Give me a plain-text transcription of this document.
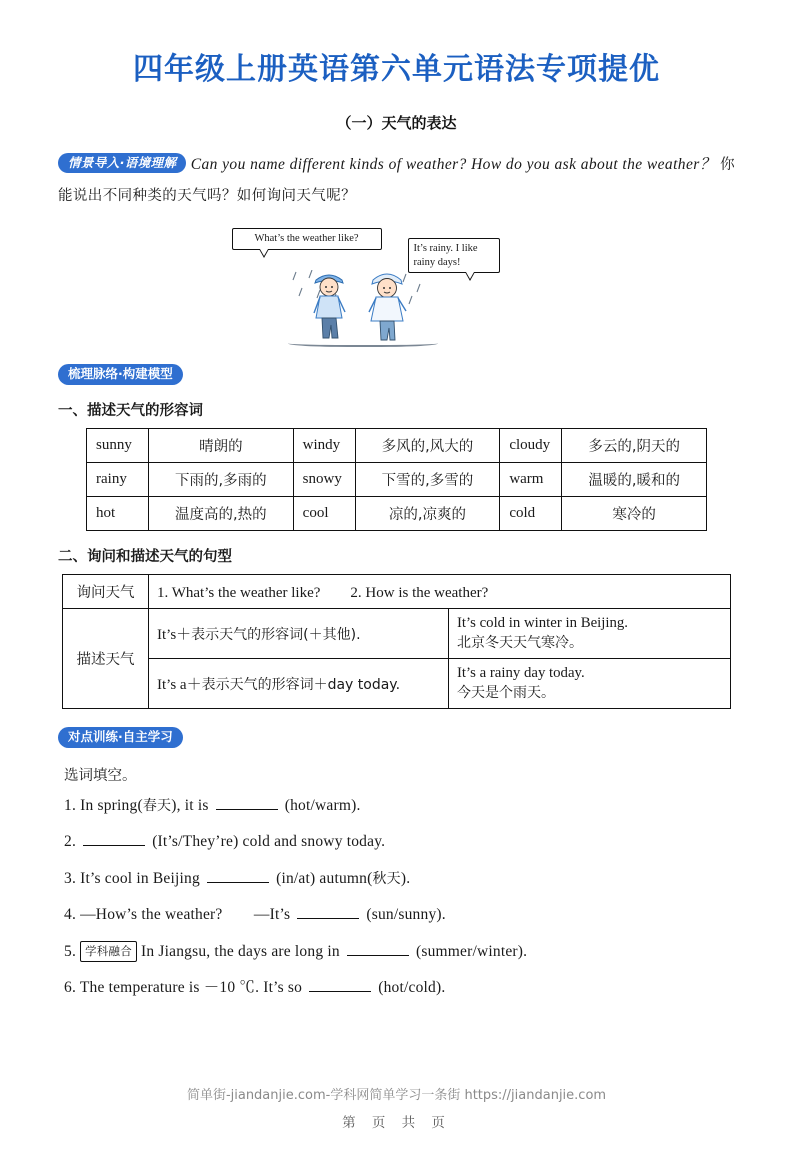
四年级上册英语第六单元语法专项提优
（一）天气的表达

情景导入·语境理解 Can you name different kinds of weather? How do you ask about the weather？ 你能说出不同种类的天气吗？如何询问天气呢？

What’s the weather like?
It’s rainy. I like rainy days!
梳理脉络·构建模型
一、描述天气的形容词
sunny	晴朗的	windy	多风的,风大的	cloudy	多云的,阴天的
rainy	下雨的,多雨的	snowy	下雪的,多雪的	warm	温暖的,暖和的
hot	温度高的,热的	cool	凉的,凉爽的	cold	寒冷的
二、询问和描述天气的句型
询问天气	1. What’s the weather like?　　2. How is the weather?	
描述天气	It’s＋表示天气的形容词(＋其他).	It’s cold in winter in Beijing.
北京冬天天气寒冷。

	It’s a＋表示天气的形容词＋day today.	It’s a rainy day today.
今天是个雨天。
对点训练·自主学习
选词填空。
1. In spring(春天), it is	(hot/warm).
2.	(It’s/They’re) cold and snowy today.
3. It’s cool in Beijing	(in/at) autumn(秋天).
4. —How’s the weather?　　—It’s	(sun/sunny).
5. 学科融合 In Jiangsu, the days are long in	(summer/winter).
6. The temperature is －10 ℃. It’s so	(hot/cold).
简单街-jiandanjie.com-学科网简单学习一条街 https://jiandanjie.com
第 页 共 页
